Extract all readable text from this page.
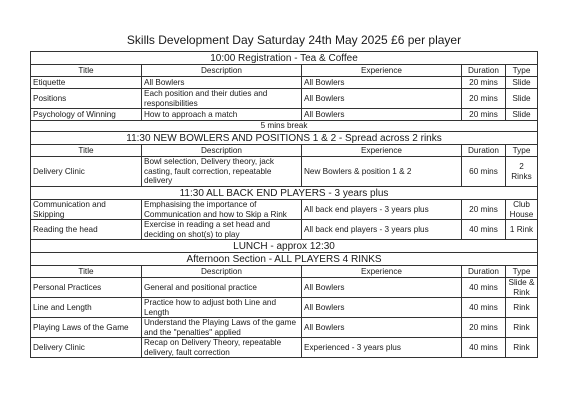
Skills Development Day Saturday 24th May 2025 £6 per player
10:00 Registration - Tea & Coffee				
Title	Description	Experience	Duration	Type
Etiquette	All Bowlers	All Bowlers	20 mins	Slide
Positions	Each position and their duties and responsibilities	All Bowlers	20 mins	Slide
Psychology of Winning	How to approach a match	All Bowlers	20 mins	Slide
5 mins break				
11:30 NEW BOWLERS AND POSITIONS 1 & 2 - Spread across 2 rinks				
Title	Description	Experience	Duration	Type
Delivery Clinic	Bowl selection, Delivery theory, jack casting, fault correction, repeatable delivery	New Bowlers & position 1 & 2	60 mins	2 Rinks
11:30 ALL BACK END PLAYERS - 3 years plus				
Communication and Skipping	Emphasising the importance of Communication and how to Skip a Rink	All back end players - 3 years plus	20 mins	Club House
Reading the head	Exercise in reading a set head and deciding on shot(s) to play	All back end players - 3 years plus	40 mins	1 Rink
LUNCH - approx 12:30				
Afternoon Section - ALL PLAYERS 4 RINKS				
Title	Description	Experience	Duration	Type
Personal Practices	General and positional practice	All Bowlers	40 mins	Slide & Rink
Line and Length	Practice how to adjust both Line and Length	All Bowlers	40 mins	Rink
Playing Laws of the Game	Understand the Playing Laws of the game and the "penalties" applied	All Bowlers	20 mins	Rink
Delivery Clinic	Recap on Delivery Theory, repeatable delivery, fault correction	Experienced - 3 years plus	40 mins	Rink
